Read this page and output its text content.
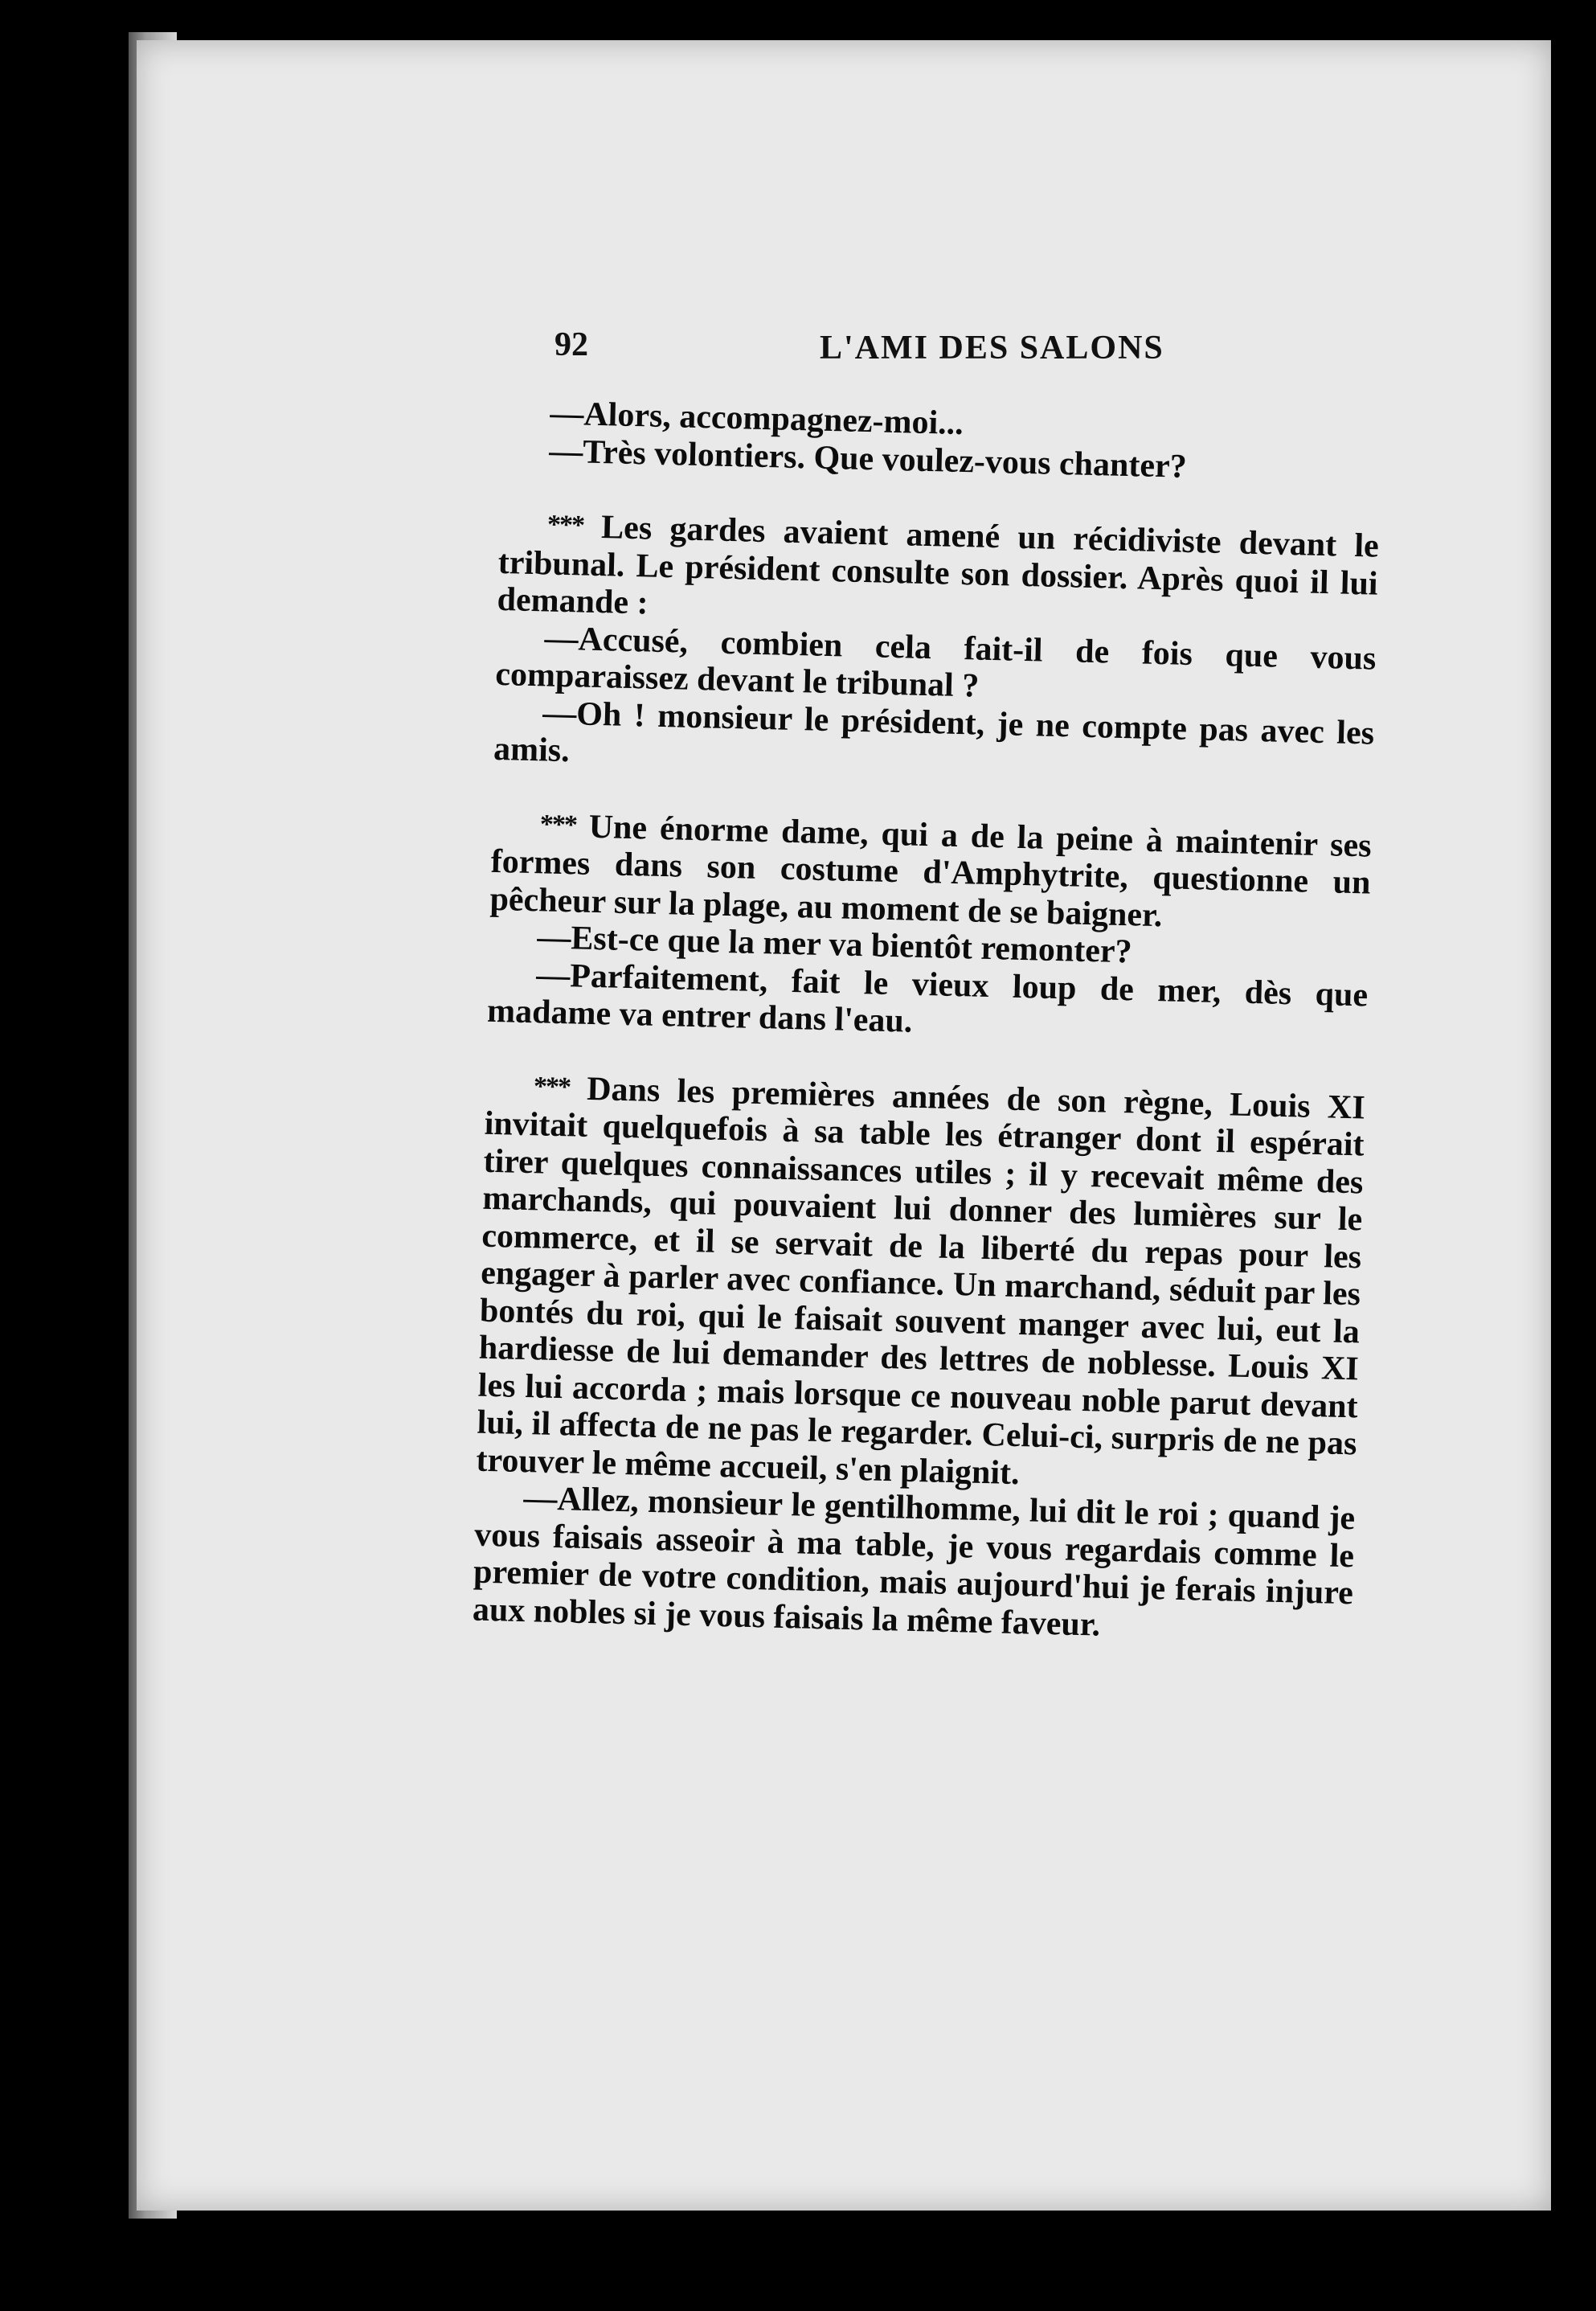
92	L'AMI DES SALONS

—Alors, accompagnez-moi...

—Très volontiers. Que voulez-vous chanter?

*** Les gardes avaient amené un récidiviste devant le tribunal. Le président consulte son dossier. Après quoi il lui demande :

—Accusé, combien cela fait-il de fois que vous comparaissez devant le tribunal ?

—Oh ! monsieur le président, je ne compte pas avec les amis.

*** Une énorme dame, qui a de la peine à maintenir ses formes dans son costume d'Amphytrite, questionne un pêcheur sur la plage, au moment de se baigner.

—Est-ce que la mer va bientôt remonter?

—Parfaitement, fait le vieux loup de mer, dès que madame va entrer dans l'eau.

*** Dans les premières années de son règne, Louis XI invitait quelquefois à sa table les étranger dont il espérait tirer quelques connaissances utiles ; il y recevait même des marchands, qui pouvaient lui donner des lumières sur le commerce, et il se servait de la liberté du repas pour les engager à parler avec confiance. Un marchand, séduit par les bontés du roi, qui le faisait souvent manger avec lui, eut la hardiesse de lui demander des lettres de noblesse. Louis XI les lui accorda ; mais lorsque ce nouveau noble parut devant lui, il affecta de ne pas le regarder. Celui-ci, surpris de ne pas trouver le même accueil, s'en plaignit.

—Allez, monsieur le gentilhomme, lui dit le roi ; quand je vous faisais asseoir à ma table, je vous regardais comme le premier de votre condition, mais aujourd'hui je ferais injure aux nobles si je vous faisais la même faveur.
